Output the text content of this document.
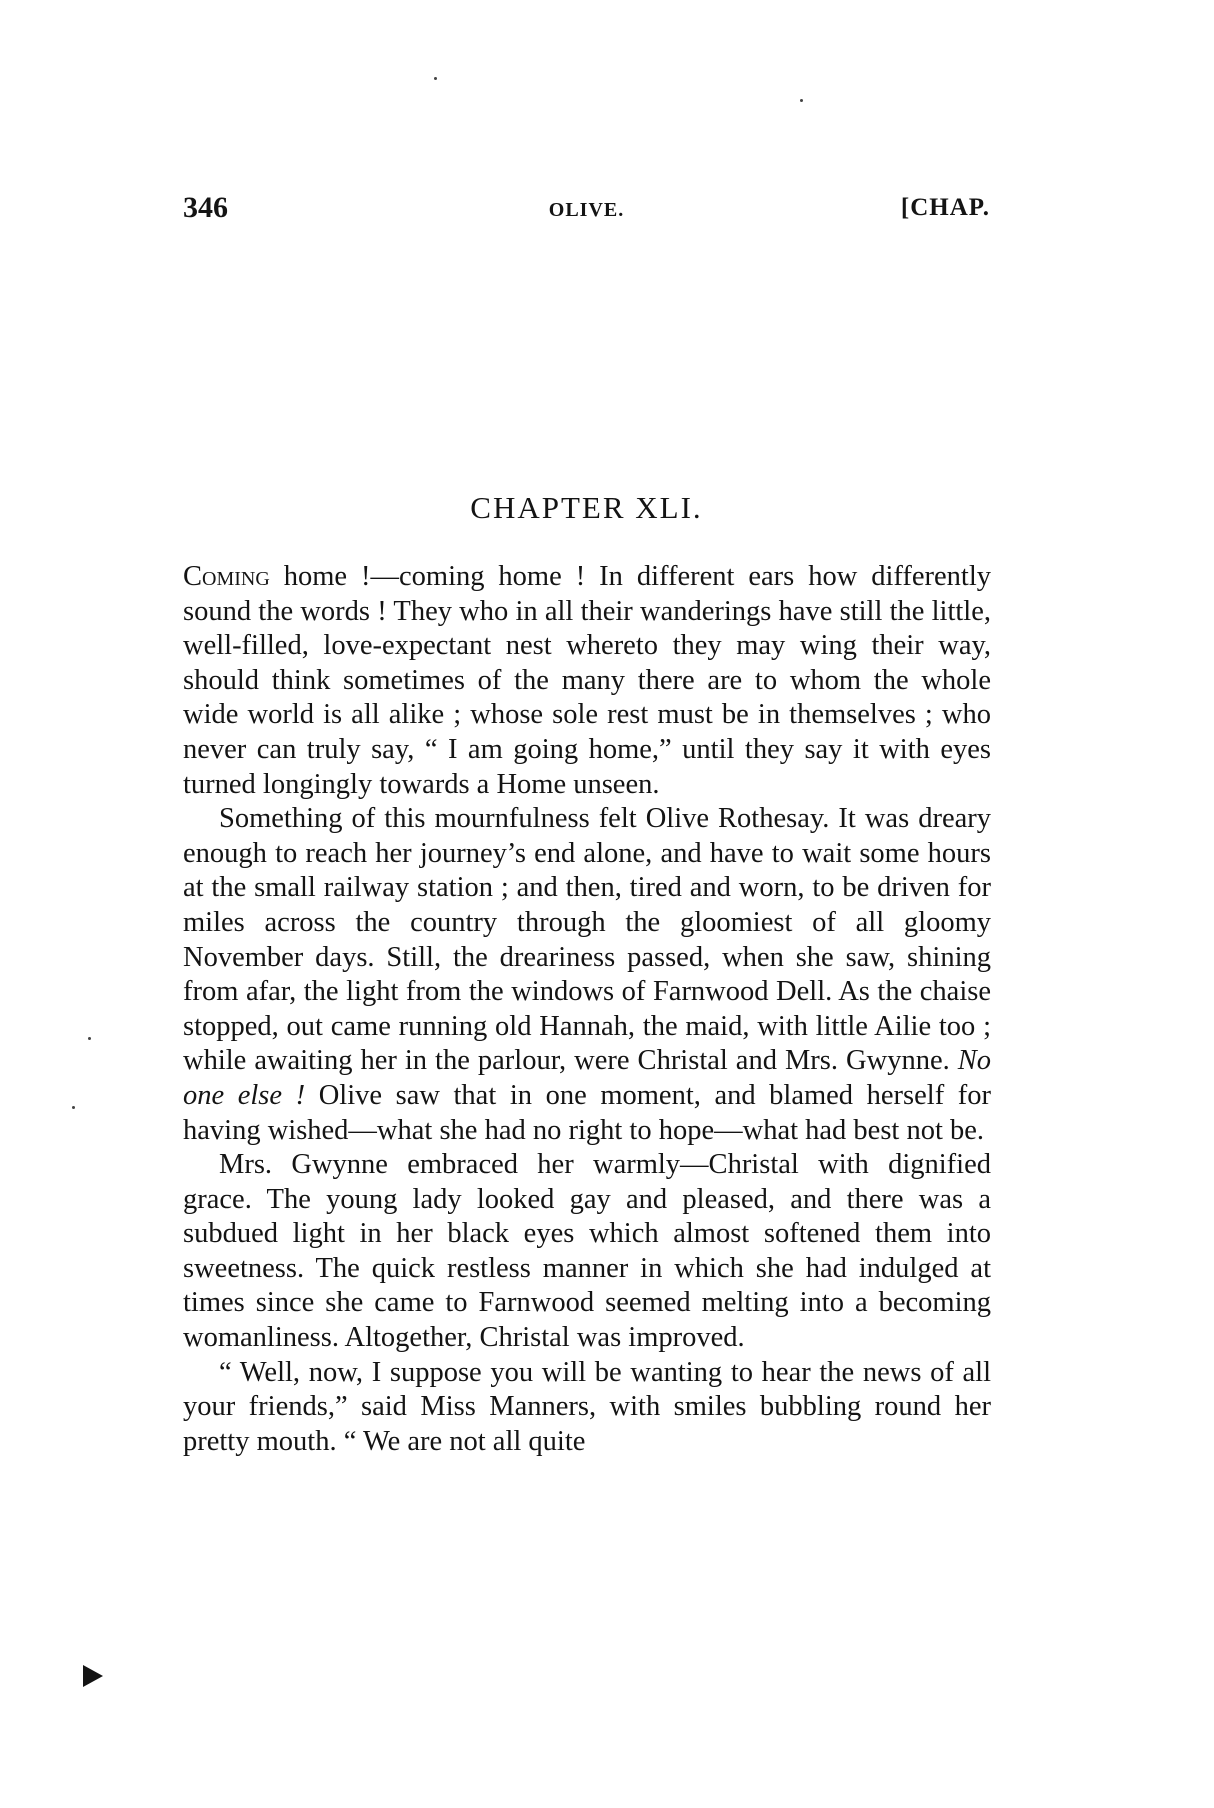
346	OLIVE.	[CHAP.
CHAPTER XLI.

Coming home !—coming home ! In different ears how differently sound the words ! They who in all their wanderings have still the little, well-filled, love-expectant nest whereto they may wing their way, should think sometimes of the many there are to whom the whole wide world is all alike ; whose sole rest must be in themselves ; who never can truly say, “ I am going home,” until they say it with eyes turned longingly towards a Home unseen.

Something of this mournfulness felt Olive Rothesay. It was dreary enough to reach her journey’s end alone, and have to wait some hours at the small railway station ; and then, tired and worn, to be driven for miles across the country through the gloomiest of all gloomy November days. Still, the dreariness passed, when she saw, shining from afar, the light from the windows of Farnwood Dell. As the chaise stopped, out came running old Hannah, the maid, with little Ailie too ; while awaiting her in the parlour, were Christal and Mrs. Gwynne. No one else ! Olive saw that in one moment, and blamed herself for having wished—what she had no right to hope—what had best not be.

Mrs. Gwynne embraced her warmly—Christal with dignified grace. The young lady looked gay and pleased, and there was a subdued light in her black eyes which almost softened them into sweetness. The quick restless manner in which she had indulged at times since she came to Farnwood seemed melting into a becoming womanliness. Altogether, Christal was improved.

“ Well, now, I suppose you will be wanting to hear the news of all your friends,” said Miss Manners, with smiles bubbling round her pretty mouth. “ We are not all quite
